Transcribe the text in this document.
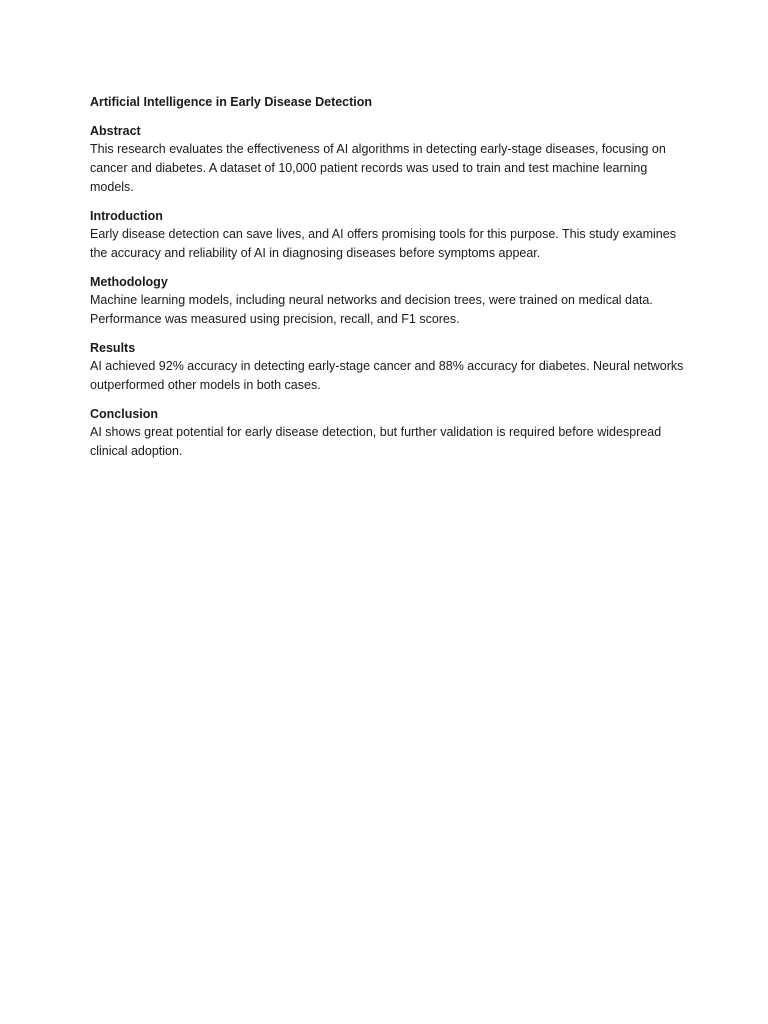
Artificial Intelligence in Early Disease Detection

Abstract

This research evaluates the effectiveness of AI algorithms in detecting early-stage diseases, focusing on cancer and diabetes. A dataset of 10,000 patient records was used to train and test machine learning models.

Introduction

Early disease detection can save lives, and AI offers promising tools for this purpose. This study examines the accuracy and reliability of AI in diagnosing diseases before symptoms appear.

Methodology

Machine learning models, including neural networks and decision trees, were trained on medical data. Performance was measured using precision, recall, and F1 scores.

Results

AI achieved 92% accuracy in detecting early-stage cancer and 88% accuracy for diabetes. Neural networks outperformed other models in both cases.

Conclusion

AI shows great potential for early disease detection, but further validation is required before widespread clinical adoption.
